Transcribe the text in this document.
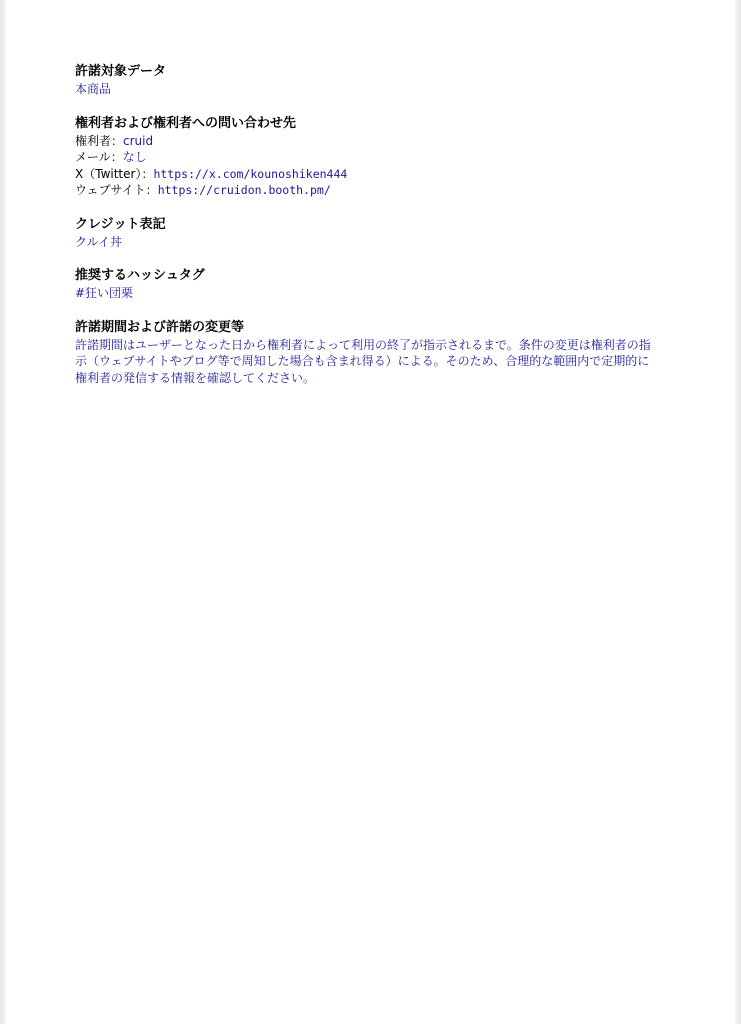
許諾対象データ
本商品
権利者および権利者への問い合わせ先
権利者：cruid
メール：なし
X（Twitter）：https://x.com/kounoshiken444
ウェブサイト：https://cruidon.booth.pm/
クレジット表記
クルイ丼
推奨するハッシュタグ
#狂い団栗
許諾期間および許諾の変更等
許諾期間はユーザーとなった日から権利者によって利用の終了が指示されるまで。条件の変更は権利者の指
示（ウェブサイトやブログ等で周知した場合も含まれ得る）による。そのため、合理的な範囲内で定期的に
権利者の発信する情報を確認してください。
